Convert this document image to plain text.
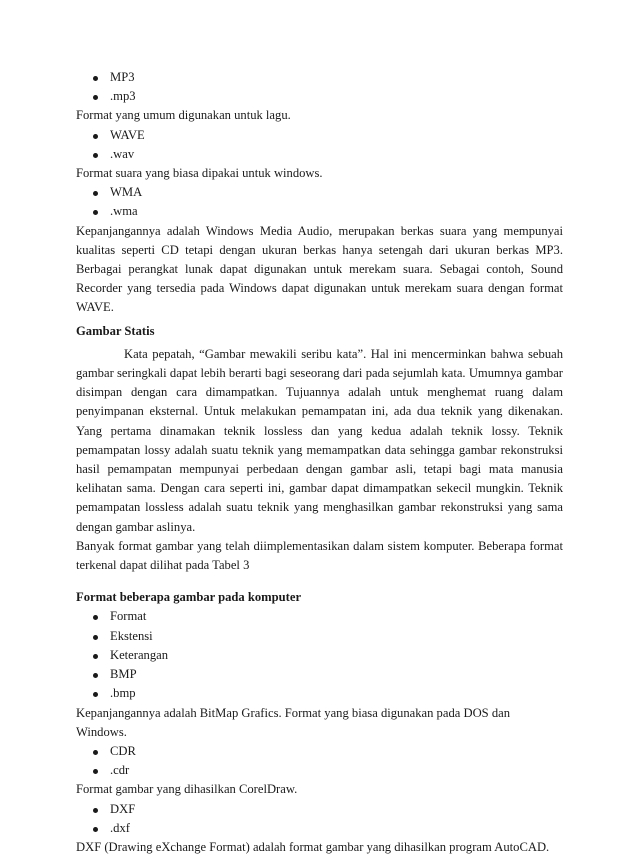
MP3
.mp3
Format yang umum digunakan untuk lagu.
WAVE
.wav
Format suara yang biasa dipakai untuk windows.
WMA
.wma
Kepanjangannya adalah Windows Media Audio, merupakan berkas suara yang mempunyai kualitas seperti CD tetapi dengan ukuran berkas hanya setengah dari ukuran berkas MP3. Berbagai perangkat lunak dapat digunakan untuk merekam suara. Sebagai contoh, Sound Recorder yang tersedia pada Windows dapat digunakan untuk merekam suara dengan format WAVE.
Gambar Statis
Kata pepatah, “Gambar mewakili seribu kata”. Hal ini mencerminkan bahwa sebuah gambar seringkali dapat lebih berarti bagi seseorang dari pada sejumlah kata. Umumnya gambar disimpan dengan cara dimampatkan. Tujuannya adalah untuk menghemat ruang dalam penyimpanan eksternal. Untuk melakukan pemampatan ini, ada dua teknik yang dikenakan. Yang pertama dinamakan teknik lossless dan yang kedua adalah teknik lossy. Teknik pemampatan lossy adalah suatu teknik yang memampatkan data sehingga gambar rekonstruksi hasil pemampatan mempunyai perbedaan dengan gambar asli, tetapi bagi mata manusia kelihatan sama. Dengan cara seperti ini, gambar dapat dimampatkan sekecil mungkin. Teknik pemampatan lossless adalah suatu teknik yang menghasilkan gambar rekonstruksi yang sama dengan gambar aslinya.
Banyak format gambar yang telah diimplementasikan dalam sistem komputer. Beberapa format terkenal dapat dilihat pada Tabel 3
Format beberapa gambar pada komputer
Format
Ekstensi
Keterangan
BMP
.bmp
Kepanjangannya adalah BitMap Grafics. Format yang biasa digunakan pada DOS dan Windows.
CDR
.cdr
Format gambar yang dihasilkan CorelDraw.
DXF
.dxf
DXF (Drawing eXchange Format) adalah format gambar yang dihasilkan program AutoCAD.
